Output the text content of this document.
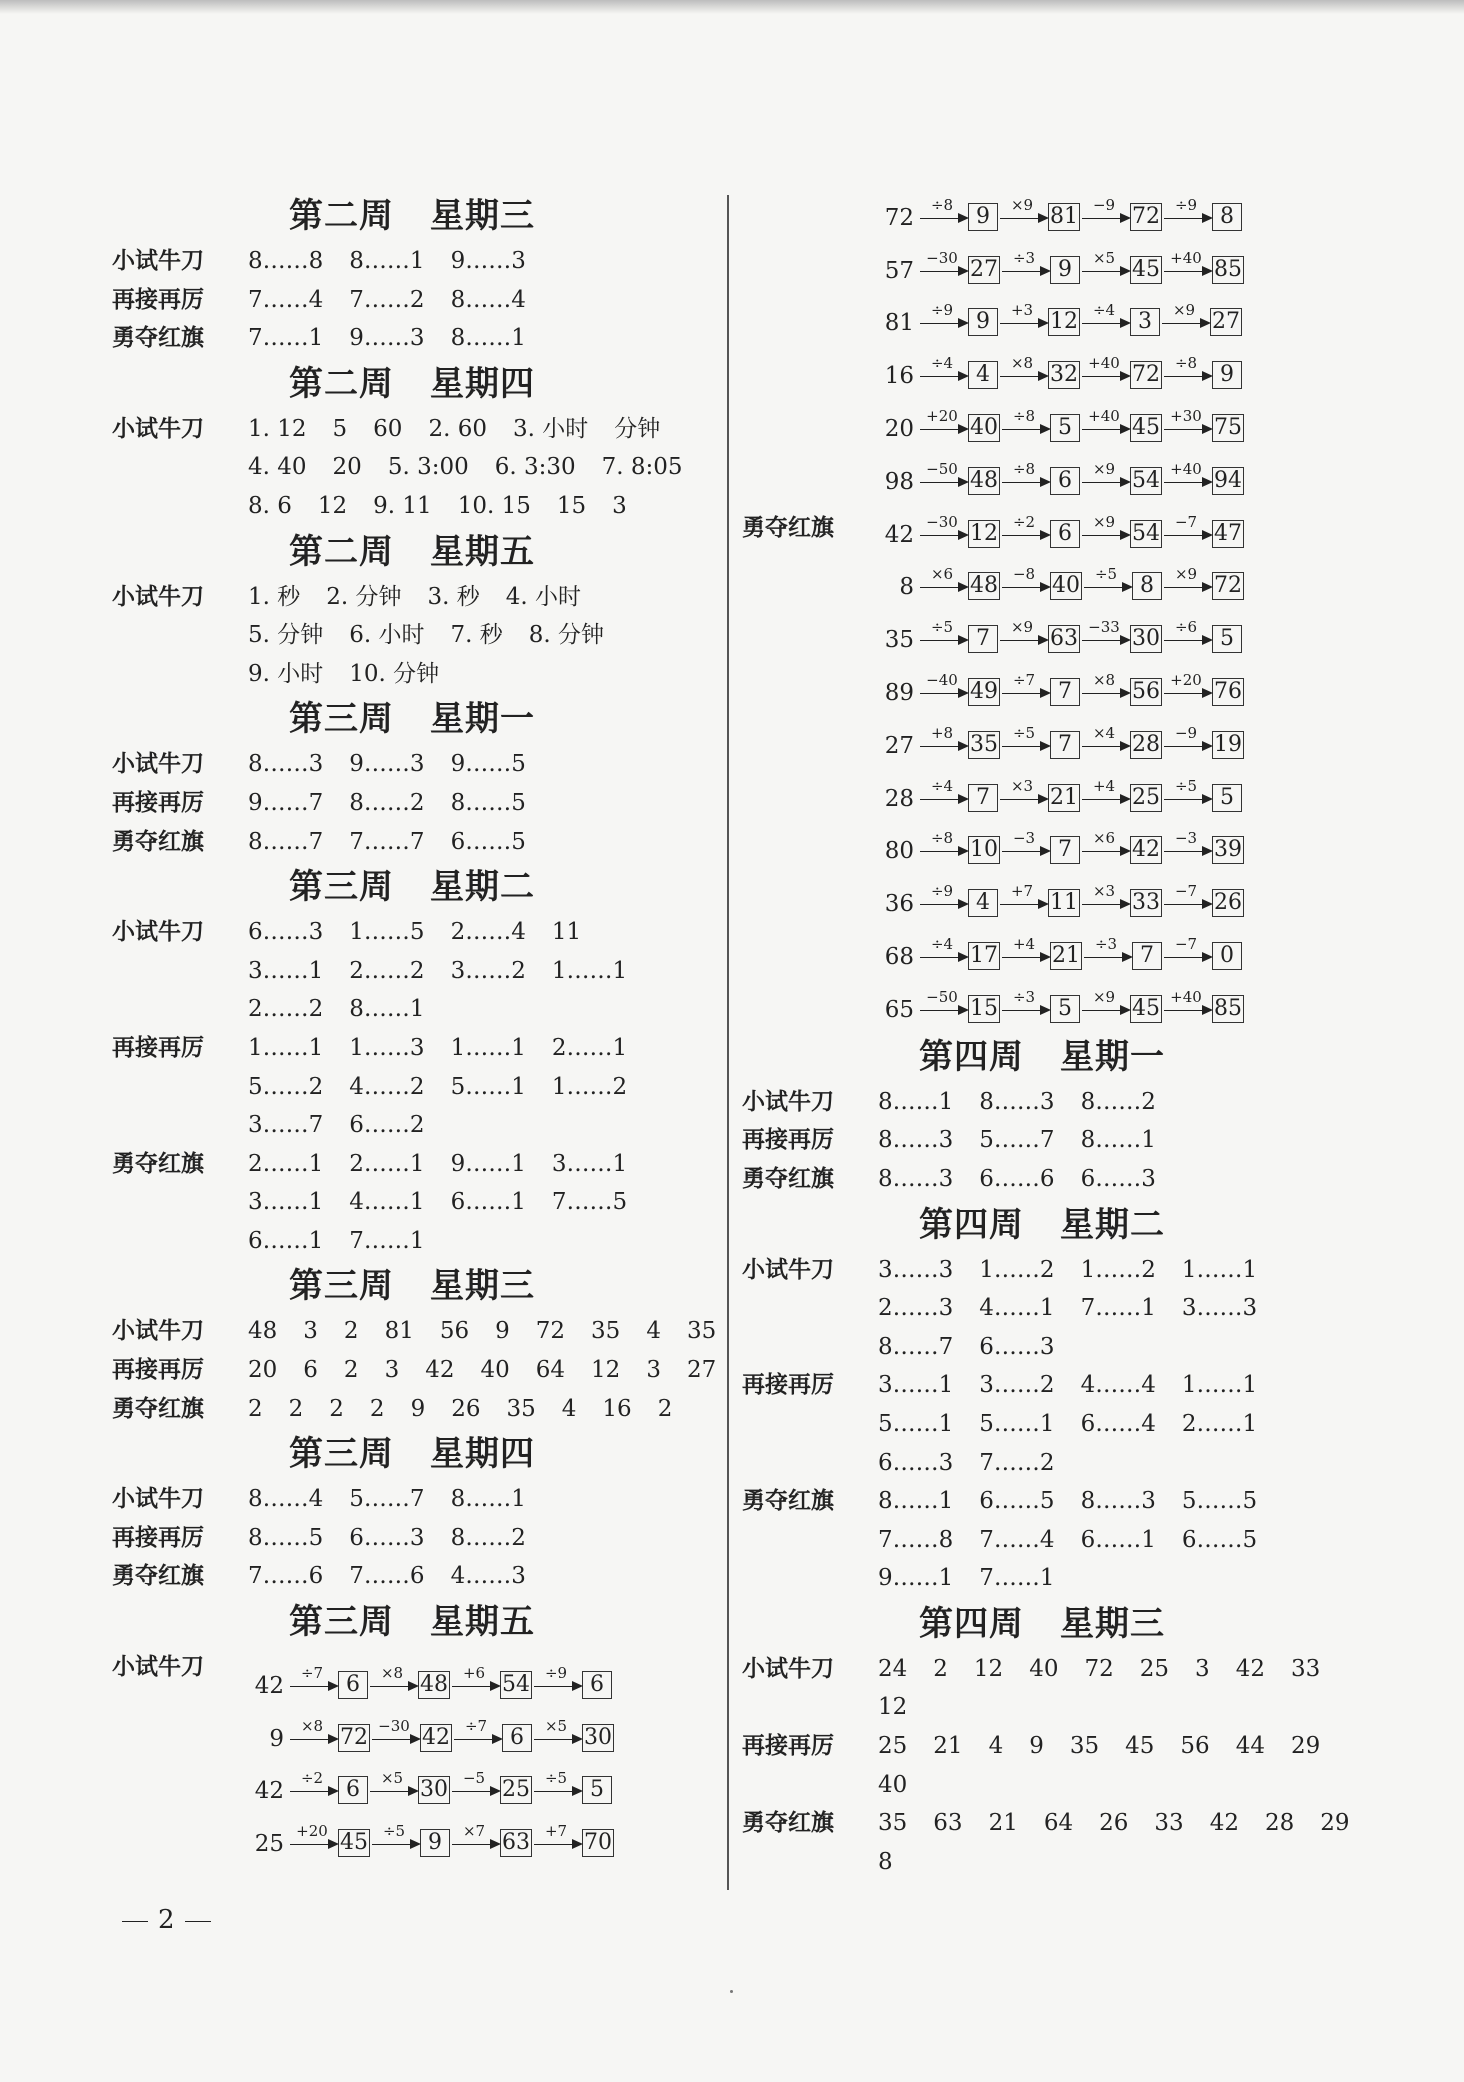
第二周 星期三
小试牛刀	8……8 8……1 9……3
再接再厉	7……4 7……2 8……4
勇夺红旗	7……1 9……3 8……1
第二周 星期四
小试牛刀	1. 12 5 60 2. 60 3. 小时 分钟
4. 40 20 5. 3:00 6. 3:30 7. 8:05
8. 6 12 9. 11 10. 15 15 3
第二周 星期五
小试牛刀	1. 秒 2. 分钟 3. 秒 4. 小时
5. 分钟 6. 小时 7. 秒 8. 分钟
9. 小时 10. 分钟
第三周 星期一
小试牛刀	8……3 9……3 9……5
再接再厉	9……7 8……2 8……5
勇夺红旗	8……7 7……7 6……5
第三周 星期二
小试牛刀	6……3 1……5 2……4 11
3……1 2……2 3……2 1……1
2……2 8……1
再接再厉	1……1 1……3 1……1 2……1
5……2 4……2 5……1 1……2
3……7 6……2
勇夺红旗	2……1 2……1 9……1 3……1
3……1 4……1 6……1 7……5
6……1 7……1
第三周 星期三
小试牛刀	48 3 2 81 56 9 72 35 4 35
再接再厉	20 6 2 3 42 40 64 12 3 27
勇夺红旗	2 2 2 2 9 26 35 4 16 2
第三周 星期四
小试牛刀	8……4 5……7 8……1
再接再厉	8……5 6……3 8……2
勇夺红旗	7……6 7……6 4……3
第三周 星期五
小试牛刀
42	÷7	6	×8 48 +6 54 ÷9	6
9	×8 72 −30 42 ÷7	6	×5 30
42	÷2	6	×5 30 −5 25 ÷5	5
25 +20 45 ÷5	9	×7 63 +7 70
72	÷8	9	×9 81 −9 72 ÷9	8
57 −30 27 ÷3	9	×5 45 +40 85
81	÷9	9	+3 12 ÷4	3	×9 27
16	÷4	4	×8 32 +40 72 ÷8	9
20 +20 40 ÷8	5	+40 45 +30 75
98 −50 48 ÷8	6	×9 54 +40 94
勇夺红旗	42 −30 12 ÷2	6	×9 54 −7 47
8	×6 48 −8 40 ÷5	8	×9 72
35	÷5	7	×9 63 −33 30 ÷6	5
89 −40 49 ÷7	7	×8 56 +20 76
27	+8 35 ÷5	7	×4 28 −9 19
28	÷4	7	×3 21 +4 25 ÷5	5
80	÷8 10 −3	7	×6 42 −3 39
36	÷9	4	+7 11 ×3 33 −7 26
68	÷4 17 +4 21 ÷3	7	−7	0
65 −50 15 ÷3	5	×9 45 +40 85
第四周 星期一
小试牛刀	8……1 8……3 8……2
再接再厉	8……3 5……7 8……1
勇夺红旗	8……3 6……6 6……3
第四周 星期二
小试牛刀	3……3 1……2 1……2 1……1
2……3 4……1 7……1 3……3
8……7 6……3
再接再厉	3……1 3……2 4……4 1……1
5……1 5……1 6……4 2……1
6……3 7……2
勇夺红旗	8……1 6……5 8……3 5……5
7……8 7……4 6……1 6……5
9……1 7……1
第四周 星期三
小试牛刀	24 2 12 40 72 25 3 42 33
12
再接再厉	25 21 4 9 35 45 56 44 29
40
勇夺红旗	35 63 21 64 26 33 42 28 29
8
2
